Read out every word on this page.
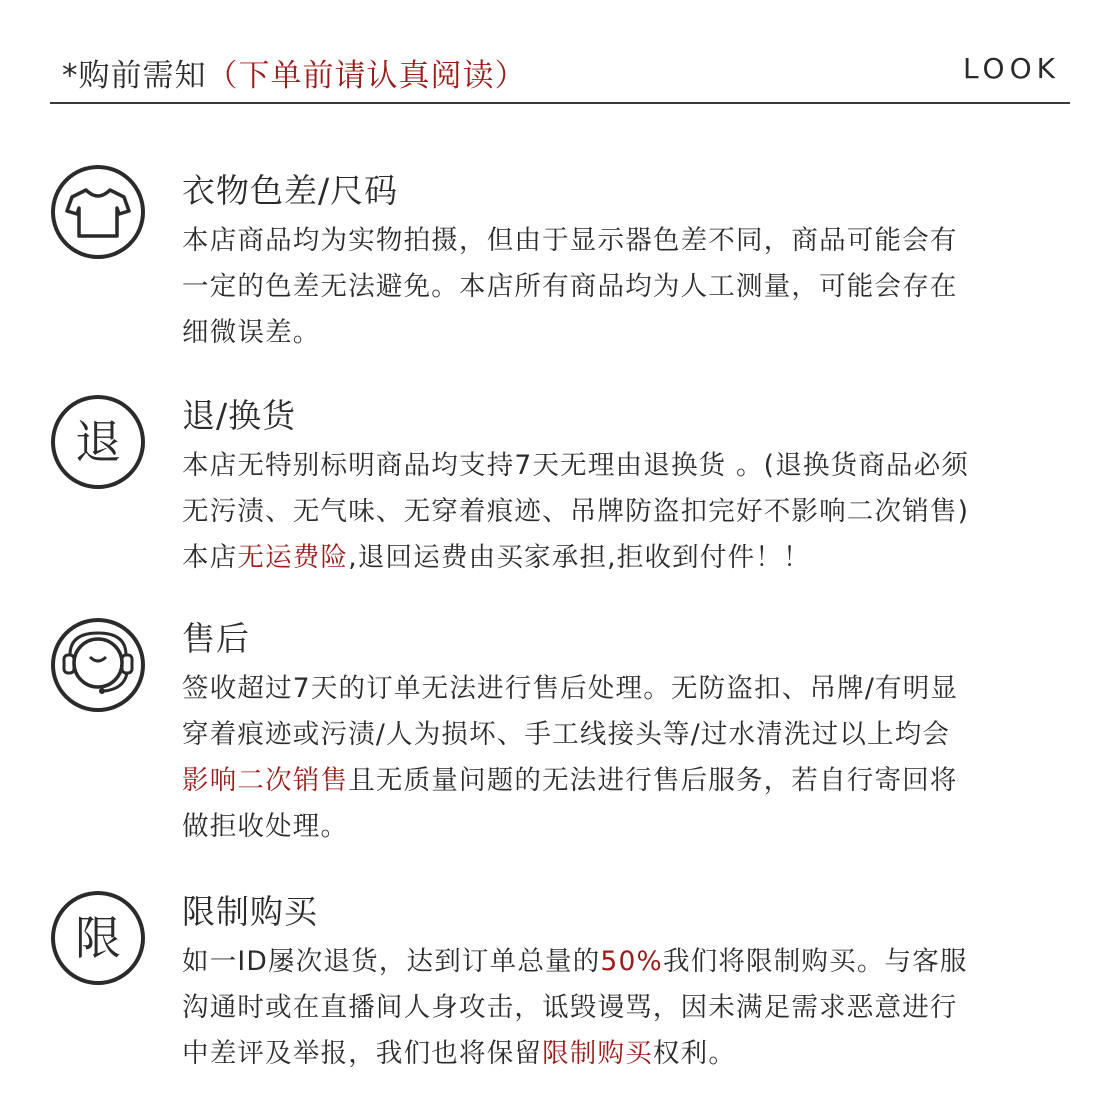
*购前需知（下单前请认真阅读）	LOOK
衣物色差/尺码
本店商品均为实物拍摄，但由于显示器色差不同，商品可能会有
一定的色差无法避免。本店所有商品均为人工测量，可能会存在
细微误差。
退 退/换货
本店无特别标明商品均支持7天无理由退换货 。(退换货商品必须
无污渍、无气味、无穿着痕迹、吊牌防盗扣完好不影响二次销售)
本店无运费险,退回运费由买家承担,拒收到付件！！
售后
签收超过7天的订单无法进行售后处理。无防盗扣、吊牌/有明显
穿着痕迹或污渍/人为损坏、手工线接头等/过水清洗过以上均会
影响二次销售且无质量问题的无法进行售后服务，若自行寄回将
做拒收处理。
限 限制购买
如一ID屡次退货，达到订单总量的50%我们将限制购买。与客服
沟通时或在直播间人身攻击，诋毁谩骂，因未满足需求恶意进行
中差评及举报，我们也将保留限制购买权利。
